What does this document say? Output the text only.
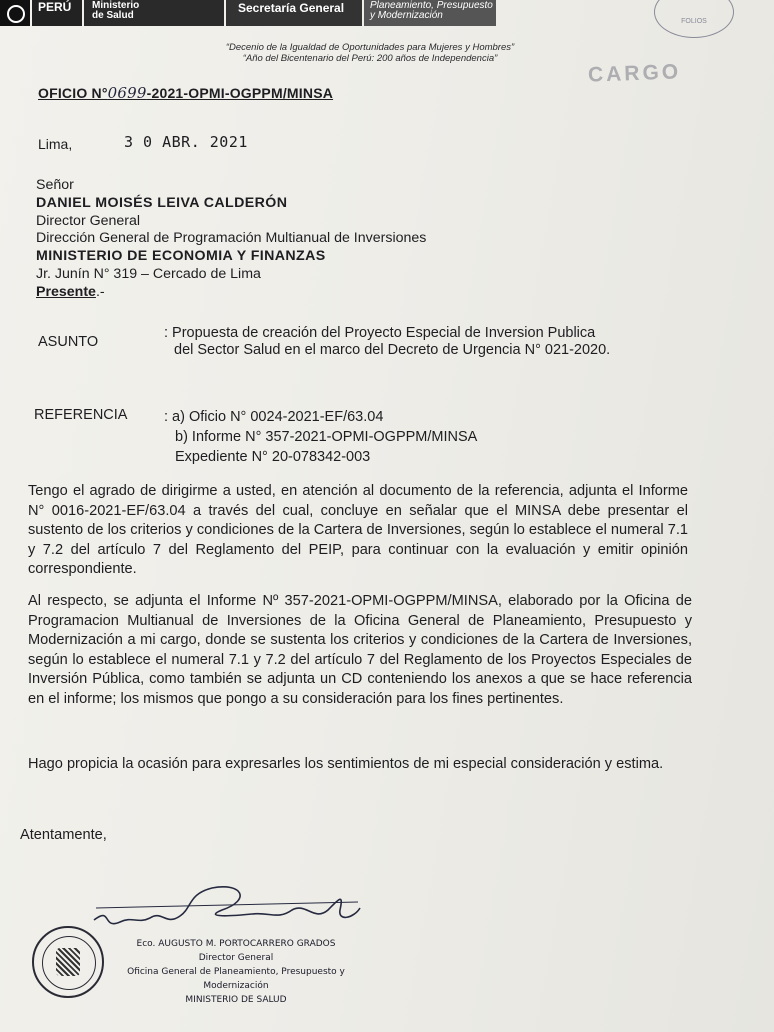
PERÚ	Ministerio
de Salud
Secretaría General	Planeamiento, Presupuesto
y Modernización
FOLIOS
CARGO
“Decenio de la Igualdad de Oportunidades para Mujeres y Hombres”
“Año del Bicentenario del Perú: 200 años de Independencia”
OFICIO N°0699-2021-OPMI-OGPPM/MINSA
Lima,	3 0 ABR. 2021
Señor
DANIEL MOISÉS LEIVA CALDERÓN
Director General
Dirección General de Programación Multianual de Inversiones
MINISTERIO DE ECONOMIA Y FINANZAS
Jr. Junín N° 319 – Cercado de Lima
Presente.-
ASUNTO
: Propuesta de creación del Proyecto Especial de Inversion Publica
del Sector Salud en el marco del Decreto de Urgencia N° 021-2020.
REFERENCIA	: a) Oficio N° 0024-2021-EF/63.04
b) Informe N° 357-2021-OPMI-OGPPM/MINSA
Expediente N° 20-078342-003
Tengo el agrado de dirigirme a usted, en atención al documento de la referencia, adjunta el Informe N° 0016-2021-EF/63.04 a través del cual, concluye en señalar que el MINSA debe presentar el sustento de los criterios y condiciones de la Cartera de Inversiones, según lo establece el numeral 7.1 y 7.2 del artículo 7 del Reglamento del PEIP, para continuar con la evaluación y emitir opinión correspondiente.
Al respecto, se adjunta el Informe Nº 357-2021-OPMI-OGPPM/MINSA, elaborado por la Oficina de Programacion Multianual de Inversiones de la Oficina General de Planeamiento, Presupuesto y Modernización a mi cargo, donde se sustenta los criterios y condiciones de la Cartera de Inversiones, según lo establece el numeral 7.1 y 7.2 del artículo 7 del Reglamento de los Proyectos Especiales de Inversión Pública, como también se adjunta un CD conteniendo los anexos a que se hace referencia en el informe; los mismos que pongo a su consideración para los fines pertinentes.
Hago propicia la ocasión para expresarles los sentimientos de mi especial consideración y estima.
Atentamente,
Eco. AUGUSTO M. PORTOCARRERO GRADOS
Director General
Oficina General de Planeamiento, Presupuesto y Modernización
MINISTERIO DE SALUD
